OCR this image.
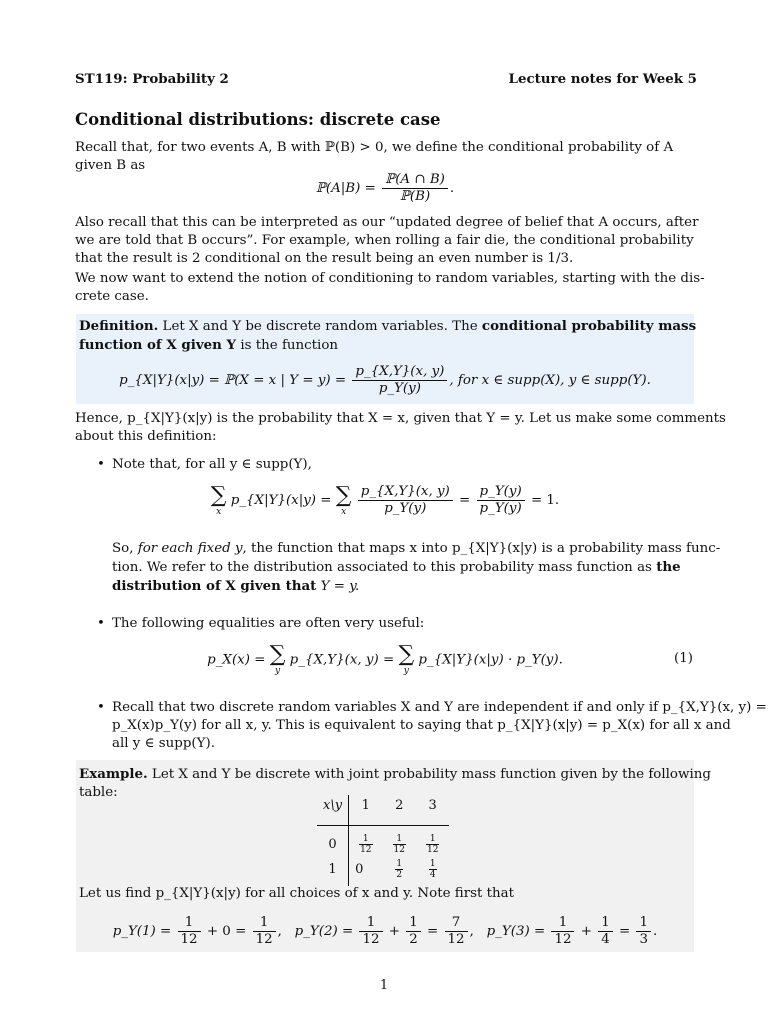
ST119: Probability 2	Lecture notes for Week 5
Conditional distributions: discrete case
Recall that, for two events A, B with ℙ(B) > 0, we define the conditional probability of A
given B as
ℙ(A|B) = $\frac{\text{ℙ(A ∩ B)}}{\text{ℙ(B)}}$ .
Also recall that this can be interpreted as our “updated degree of belief that A occurs, after
we are told that B occurs”. For example, when rolling a fair die, the conditional probability
that the result is 2 conditional on the result being an even number is 1/3.
We now want to extend the notion of conditioning to random variables, starting with the dis-
crete case.
Definition. Let X and Y be discrete random variables. The conditional probability mass
function of X given Y is the function
p_{X|Y}(x|y) = ℙ(X = x | $Y = y) = \frac{p\_\{X,Y\}(x, y)}{p\_Y(y)}$ , for x ∈ supp(X), y ∈ supp(Y).
Hence, p_{X|Y}(x|y) is the probability that X = x, given that Y = y. Let us make some comments
about this definition:
• Note that, for all y ∈ supp(Y),
∑
x
p_{X|Y}(x|y) = ∑
x
$\frac{p\_\{X,Y\}(x, y)}{p\_Y(y)} = \frac{p\_Y(y)}{p\_Y(y)} = 1$.
So, for each fixed y, the function that maps x into p_{X|Y}(x|y) is a probability mass func-
tion. We refer to the distribution associated to this probability mass function as the
distribution of X given that Y = y.
• The following equalities are often very useful:
p_X(x) = ∑
y
p_{X,Y}(x, y) = ∑
y
p_{X|Y}(x|y) · p_Y(y).	(1)
• Recall that two discrete random variables X and Y are independent if and only if p_{X,Y}(x, y) =
p_X(x)p_Y(y) for all x, y. This is equivalent to saying that p_{X|Y}(x|y) = p_X(x) for all x and
all y ∈ supp(Y).
Example. Let X and Y be discrete with joint probability mass function given by the following
table:
x\y	1	2	3
0	$\frac{1}{12}$	$\frac{1}{12}$	$\frac{1}{12}$

1	0	$\frac{1}{2}$	$\frac{1}{4}$
Let us find p_{X|Y}(x|y) for all choices of x and y. Note first that
p_Y(1) = $\frac{1}{12} + 0 = \frac{1}{12}$ ,   p_Y(2) = $\frac{1}{12} + \frac{1}{2} = \frac{7}{12}$ ,   p_Y(3) = $\frac{1}{12} + \frac{1}{4} = \frac{1}{3}$ .
1
